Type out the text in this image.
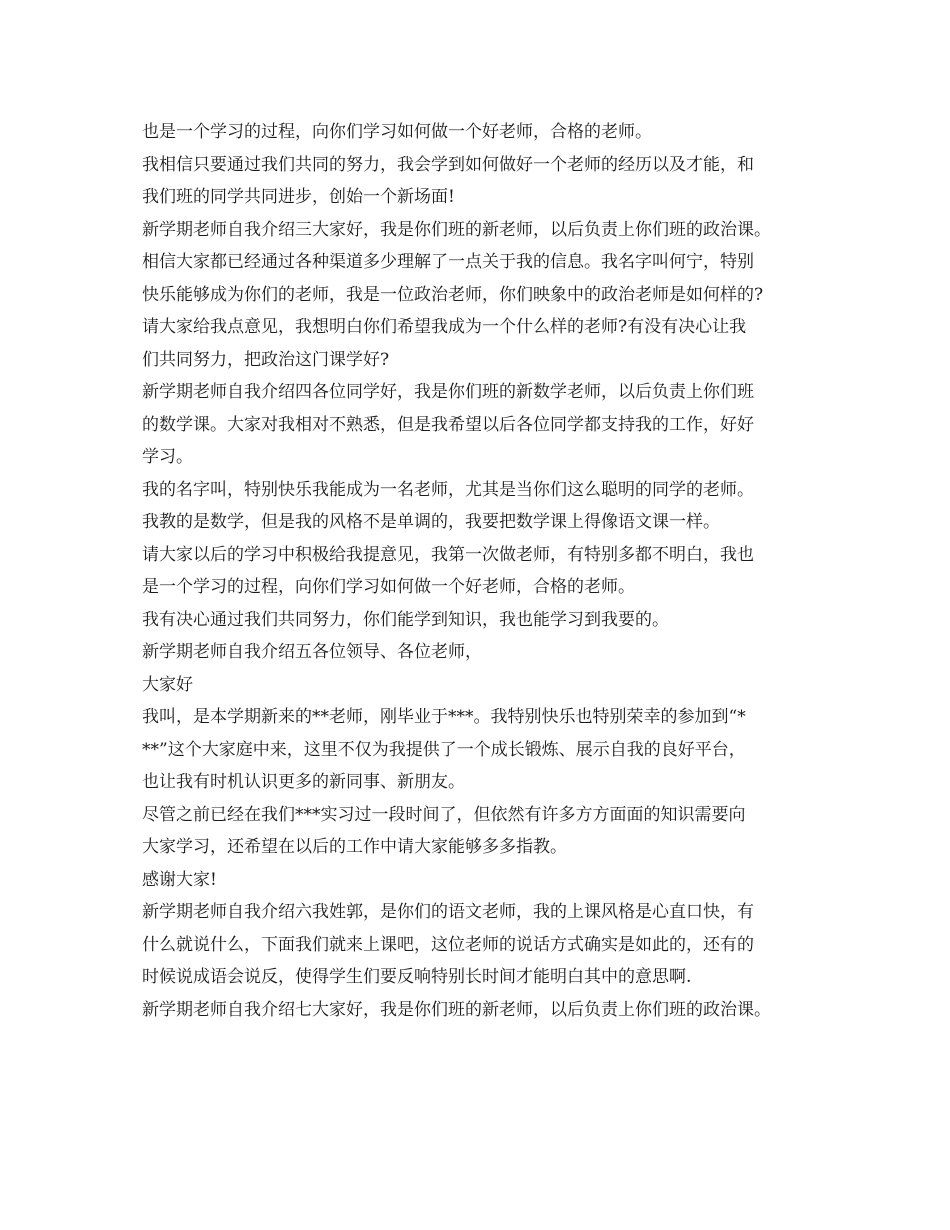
也是一个学习的过程，向你们学习如何做一个好老师，合格的老师。

我相信只要通过我们共同的努力，我会学到如何做好一个老师的经历以及才能，和

我们班的同学共同进步，创始一个新场面!

新学期老师自我介绍三大家好，我是你们班的新老师，以后负责上你们班的政治课。

相信大家都已经通过各种渠道多少理解了一点关于我的信息。我名字叫何宁，特别

快乐能够成为你们的老师，我是一位政治老师，你们映象中的政治老师是如何样的?

请大家给我点意见，我想明白你们希望我成为一个什么样的老师?有没有决心让我

们共同努力，把政治这门课学好?

新学期老师自我介绍四各位同学好，我是你们班的新数学老师，以后负责上你们班

的数学课。大家对我相对不熟悉，但是我希望以后各位同学都支持我的工作，好好

学习。

我的名字叫，特别快乐我能成为一名老师，尤其是当你们这么聪明的同学的老师。

我教的是数学，但是我的风格不是单调的，我要把数学课上得像语文课一样。

请大家以后的学习中积极给我提意见，我第一次做老师，有特别多都不明白，我也

是一个学习的过程，向你们学习如何做一个好老师，合格的老师。

我有决心通过我们共同努力，你们能学到知识，我也能学习到我要的。

新学期老师自我介绍五各位领导、各位老师，

大家好

我叫，是本学期新来的**老师，刚毕业于***。我特别快乐也特别荣幸的参加到“*

**”这个大家庭中来，这里不仅为我提供了一个成长锻炼、展示自我的良好平台，

也让我有时机认识更多的新同事、新朋友。

尽管之前已经在我们***实习过一段时间了，但依然有许多方方面面的知识需要向

大家学习，还希望在以后的工作中请大家能够多多指教。

感谢大家!

新学期老师自我介绍六我姓郭，是你们的语文老师，我的上课风格是心直口快，有

什么就说什么，下面我们就来上课吧，这位老师的说话方式确实是如此的，还有的

时候说成语会说反，使得学生们要反响特别长时间才能明白其中的意思啊.

新学期老师自我介绍七大家好，我是你们班的新老师，以后负责上你们班的政治课。
